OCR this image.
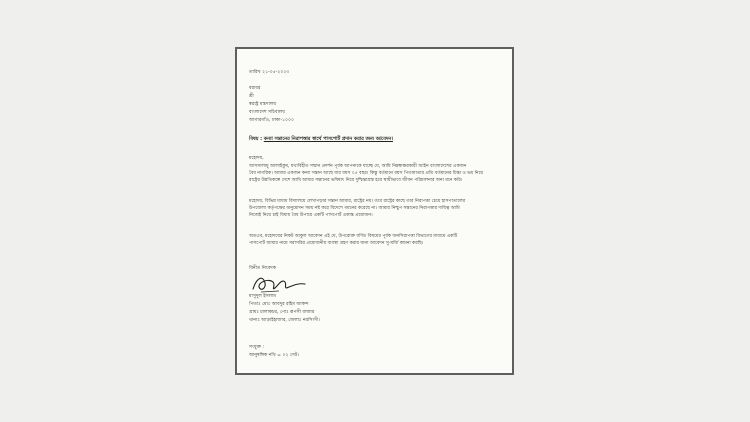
তারিখ ২১-০৫-২০২৩
বরাবর
শ্রী
স্বরাষ্ট্র মন্ত্রণালয়
বাংলাদেশ সচিবালয়
আগারগাঁও, ঢাকা-১০০০
বিষয় : কন্যা সন্তানের নিরাপত্তার স্বার্থে পাসপোর্ট প্রদান করার জন্য আবেদন।
মহোদয়,
আসসালামু আলাইকুম, যথাবিহীত সম্মান প্রদর্শন পূর্বক আপনাকে যাচ্ছে যে, আমি নিম্নস্বাক্ষরকারী আইন বাংলাদেশের একজন
বৈধ নাগরিক। আমার একজন কন্যা সন্তান আছে যার বয়স ০৫ বছর। কিন্তু বর্তমানে বয়স পিতামাতার প্রতি বর্তমানের চিন্তা ও ভয় নিয়ে
রাষ্ট্রের উন্নতিকল্পে দেশে আমি আমার সন্তানের ভবিষ্যৎ নিয়ে দুশ্চিন্তাগ্রস্ত হয়ে স্থায়ীভাবে জীবন পরিচালনার জন্য মনে করি।
মহোদয়, বিভিন্ন মাধ্যম বিদ্যালয়ে লেখাপড়ার সন্তান আমার, রাষ্ট্রের নয়। তবে রাষ্ট্রের কাছে তার নিরাপত্তা চেয়ে হাসপাতালের
উপজেলা কর্তৃপক্ষের অনুমোদন সময় নষ্ট করে বিদেশে গমনের করেছে না। আমার নিশ্চুপ সন্তানের নিরাপত্তার দায়িত্ব আমি
নিজেই নিয়ে চাই বিধায় বৈধ উপায়ে একটি পাসপোর্ট একান্ত প্রয়োজন।
অতএব, মহোদয়ের নিকট আকুল আবেদন এই যে, উপরোক্ত বর্ণিত বিষয়ের পূর্বক জনসিরাপত্তা বিভাগের মাধ্যমে একটি
পাসপোর্ট আমার নামে সরাসরির প্রয়োজনীয় ব্যবস্থা গ্রহণ করার জন্য আবেদন সু-মর্জি কামনা করছি।
বিনীত নিবেদক
মাসুদুল ইসলাম
পিতাঃ মোঃ আবদুর রহিম আকন্দ
গ্রামঃ চালাকচর, পোঃ রূপসী বাজার
থানাঃ আড়াইহাজার, জেলাঃ নরসিংদী।
সংযুক্ত :
আনুষঙ্গিক নথি = ০২ সেট।
